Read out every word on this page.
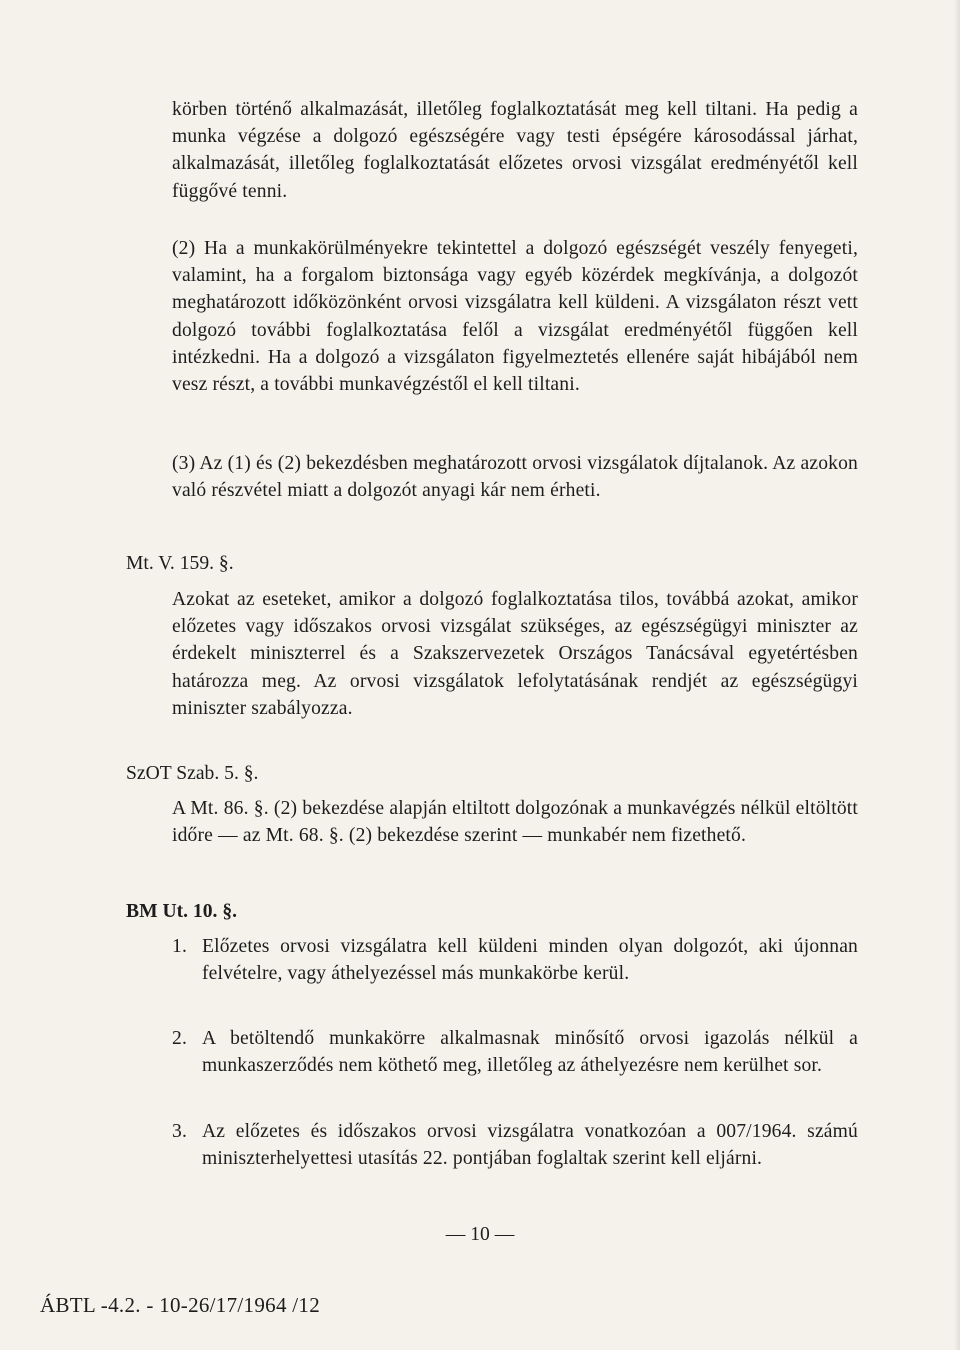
körben történő alkalmazását, illetőleg foglalkoztatását meg kell tiltani. Ha pedig a munka végzése a dolgozó egészségére vagy testi épségére károsodással járhat, alkalmazását, illetőleg foglalkoztatását előzetes orvosi vizsgálat eredményétől kell függővé tenni.

(2) Ha a munkakörülményekre tekintettel a dolgozó egészségét veszély fenyegeti, valamint, ha a forgalom biztonsága vagy egyéb közérdek megkívánja, a dolgozót meghatározott időközönként orvosi vizsgálatra kell küldeni. A vizsgálaton részt vett dolgozó további foglalkoztatása felől a vizsgálat eredményétől függően kell intézkedni. Ha a dolgozó a vizsgálaton figyelmeztetés ellenére saját hibájából nem vesz részt, a további munkavégzéstől el kell tiltani.

(3) Az (1) és (2) bekezdésben meghatározott orvosi vizsgálatok díjtalanok. Az azokon való részvétel miatt a dolgozót anyagi kár nem érheti.

Mt. V. 159. §.

Azokat az eseteket, amikor a dolgozó foglalkoztatása tilos, továbbá azokat, amikor előzetes vagy időszakos orvosi vizsgálat szükséges, az egészségügyi miniszter az érdekelt miniszterrel és a Szakszervezetek Országos Tanácsával egyetértésben határozza meg. Az orvosi vizsgálatok lefolytatásának rendjét az egészségügyi miniszter szabályozza.

SzOT Szab. 5. §.

A Mt. 86. §. (2) bekezdése alapján eltiltott dolgozónak a munkavégzés nélkül eltöltött időre — az Mt. 68. §. (2) bekezdése szerint — munkabér nem fizethető.

BM Ut. 10. §.
1. Előzetes orvosi vizsgálatra kell küldeni minden olyan dolgozót, aki újonnan felvételre, vagy áthelyezéssel más munkakörbe kerül.
2. A betöltendő munkakörre alkalmasnak minősítő orvosi igazolás nélkül a munkaszerződés nem köthető meg, illetőleg az áthelyezésre nem kerülhet sor.
3. Az előzetes és időszakos orvosi vizsgálatra vonatkozóan a 007/1964. számú miniszterhelyettesi utasítás 22. pontjában foglaltak szerint kell eljárni.
— 10 —
ÁBTL -4.2. - 10-26/17/1964 /12
